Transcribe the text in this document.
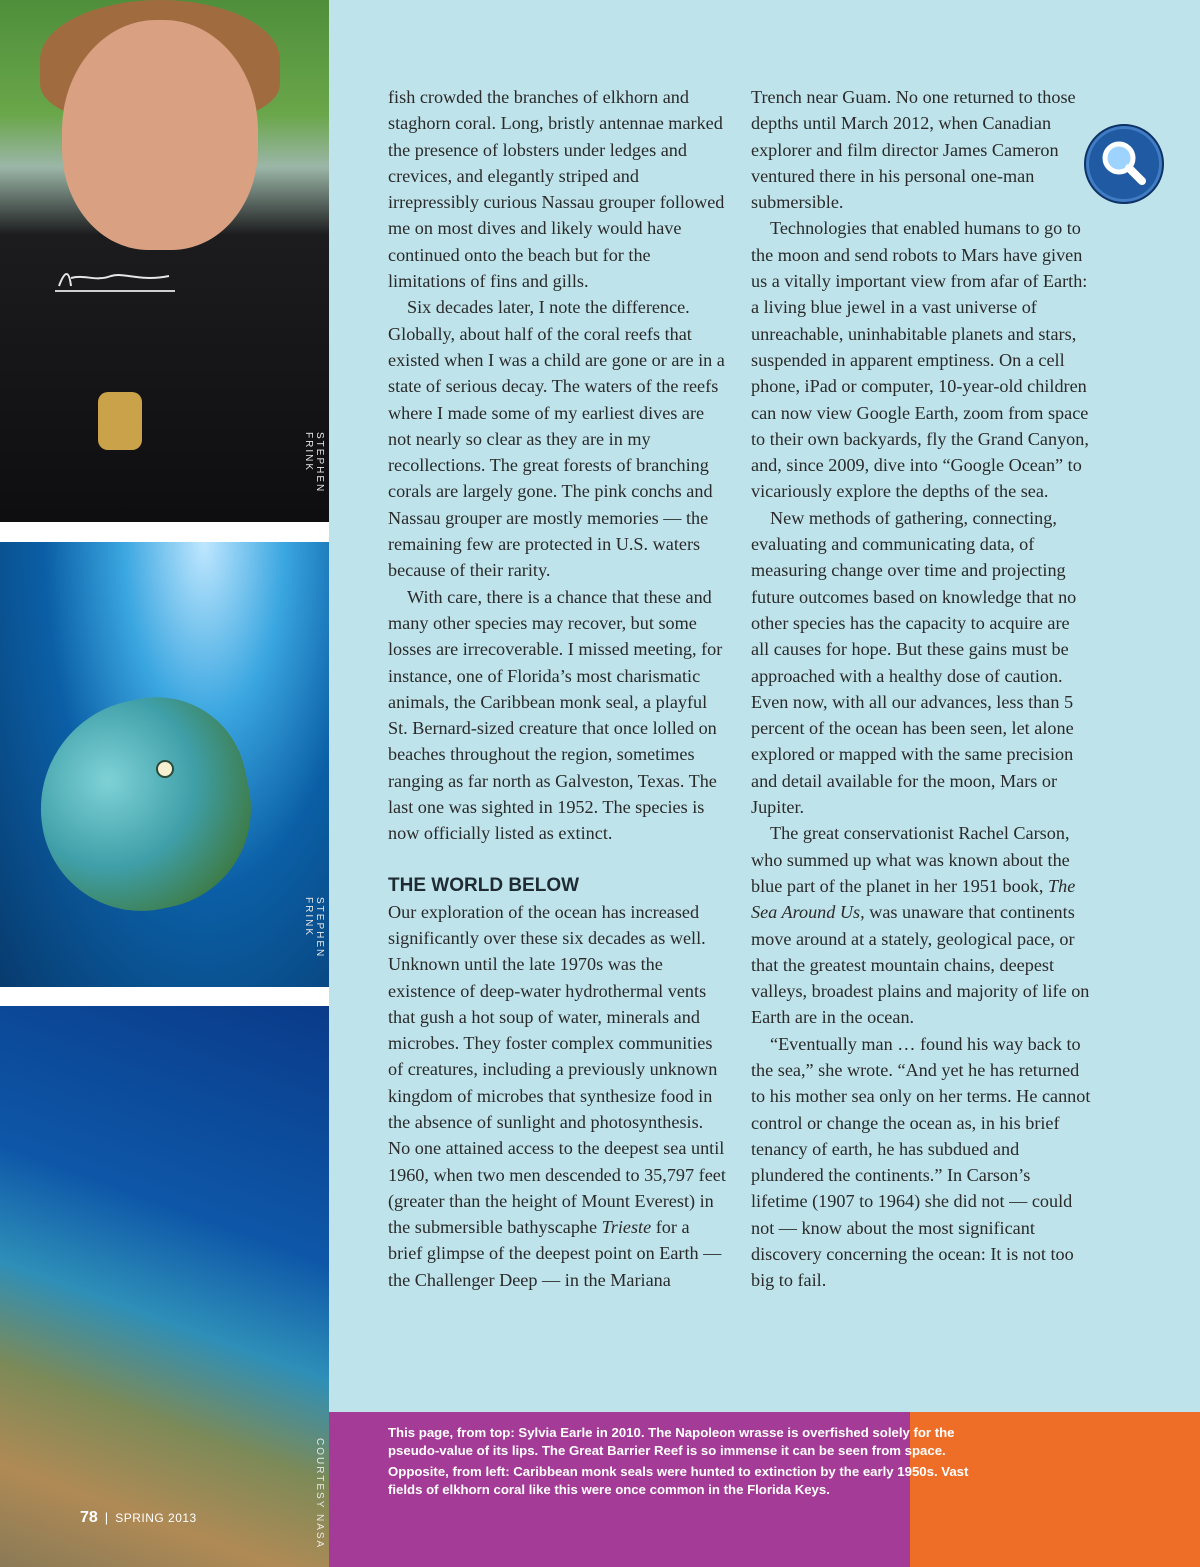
STEPHEN FRINK
STEPHEN FRINK
COURTESY NASA

fish crowded the branches of elkhorn and staghorn coral. Long, bristly antennae marked the presence of lobsters under ledges and crevices, and elegantly striped and irrepressibly curious Nassau grouper followed me on most dives and likely would have continued onto the beach but for the limitations of fins and gills.

Six decades later, I note the difference. Globally, about half of the coral reefs that existed when I was a child are gone or are in a state of serious decay. The waters of the reefs where I made some of my earliest dives are not nearly so clear as they are in my recollections. The great forests of branching corals are largely gone. The pink conchs and Nassau grouper are mostly memories — the remaining few are protected in U.S. waters because of their rarity.

With care, there is a chance that these and many other species may recover, but some losses are irrecoverable. I missed meeting, for instance, one of Florida’s most charismatic animals, the Caribbean monk seal, a playful St. Bernard-sized creature that once lolled on beaches throughout the region, sometimes ranging as far north as Galveston, Texas. The last one was sighted in 1952. The species is now officially listed as extinct.

THE WORLD BELOW

Our exploration of the ocean has increased significantly over these six decades as well. Unknown until the late 1970s was the existence of deep-water hydrothermal vents that gush a hot soup of water, minerals and microbes. They foster complex communities of creatures, including a previously unknown kingdom of microbes that synthesize food in the absence of sunlight and photosynthesis. No one attained access to the deepest sea until 1960, when two men descended to 35,797 feet (greater than the height of Mount Everest) in the submersible bathyscaphe Trieste for a brief glimpse of the deepest point on Earth — the Challenger Deep — in the Mariana

Trench near Guam. No one returned to those depths until March 2012, when Canadian explorer and film director James Cameron ventured there in his personal one-man submersible.

Technologies that enabled humans to go to the moon and send robots to Mars have given us a vitally important view from afar of Earth: a living blue jewel in a vast universe of unreachable, uninhabitable planets and stars, suspended in apparent emptiness. On a cell phone, iPad or computer, 10-year-old children can now view Google Earth, zoom from space to their own backyards, fly the Grand Canyon, and, since 2009, dive into “Google Ocean” to vicariously explore the depths of the sea.

New methods of gathering, connecting, evaluating and communicating data, of measuring change over time and projecting future outcomes based on knowledge that no other species has the capacity to acquire are all causes for hope. But these gains must be approached with a healthy dose of caution. Even now, with all our advances, less than 5 percent of the ocean has been seen, let alone explored or mapped with the same precision and detail available for the moon, Mars or Jupiter.

The great conservationist Rachel Carson, who summed up what was known about the blue part of the planet in her 1951 book, The Sea Around Us, was unaware that continents move around at a stately, geological pace, or that the greatest mountain chains, deepest valleys, broadest plains and majority of life on Earth are in the ocean.

“Eventually man … found his way back to the sea,” she wrote. “And yet he has returned to his mother sea only on her terms. He cannot control or change the ocean as, in his brief tenancy of earth, he has subdued and plundered the continents.” In Carson’s lifetime (1907 to 1964) she did not — could not — know about the most significant discovery concerning the ocean: It is not too big to fail.

This page, from top: Sylvia Earle in 2010. The Napoleon wrasse is overfished solely for the pseudo-value of its lips. The Great Barrier Reef is so immense it can be seen from space.

Opposite, from left: Caribbean monk seals were hunted to extinction by the early 1950s. Vast fields of elkhorn coral like this were once common in the Florida Keys.

78 | SPRING 2013
